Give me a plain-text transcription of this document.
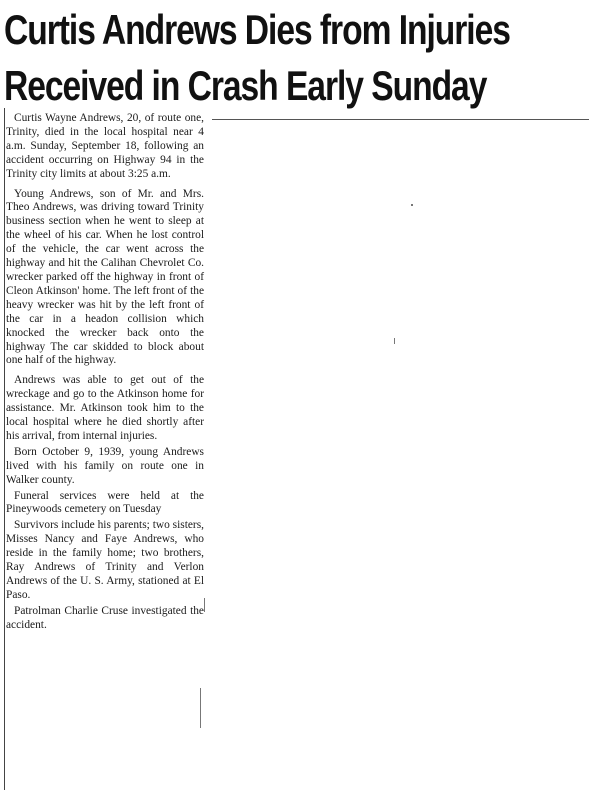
Curtis Andrews Dies from Injuries
Received in Crash Early Sunday

Curtis Wayne Andrews, 20, of route one, Trinity, died in the local hospital near 4 a.m. Sunday, September 18, following an accident occurring on Highway 94 in the Trinity city limits at about 3:25 a.m.

Young Andrews, son of Mr. and Mrs. Theo Andrews, was driving toward Trinity business section when he went to sleep at the wheel of his car. When he lost control of the vehicle, the car went across the highway and hit the Calihan Chevrolet Co. wrecker parked off the highway in front of Cleon Atkinson' home. The left front of the heavy wrecker was hit by the left front of the car in a headon collision which knocked the wrecker back onto the highway The car skidded to block about one half of the highway.

Andrews was able to get out of the wreckage and go to the Atkinson home for assistance. Mr. Atkinson took him to the local hospital where he died shortly after his arrival, from internal injuries.

Born October 9, 1939, young Andrews lived with his family on route one in Walker county.

Funeral services were held at the Pineywoods cemetery on Tuesday

Survivors include his parents; two sisters, Misses Nancy and Faye Andrews, who reside in the family home; two brothers, Ray Andrews of Trinity and Verlon Andrews of the U. S. Army, stationed at El Paso.

Patrolman Charlie Cruse investigated the accident.
